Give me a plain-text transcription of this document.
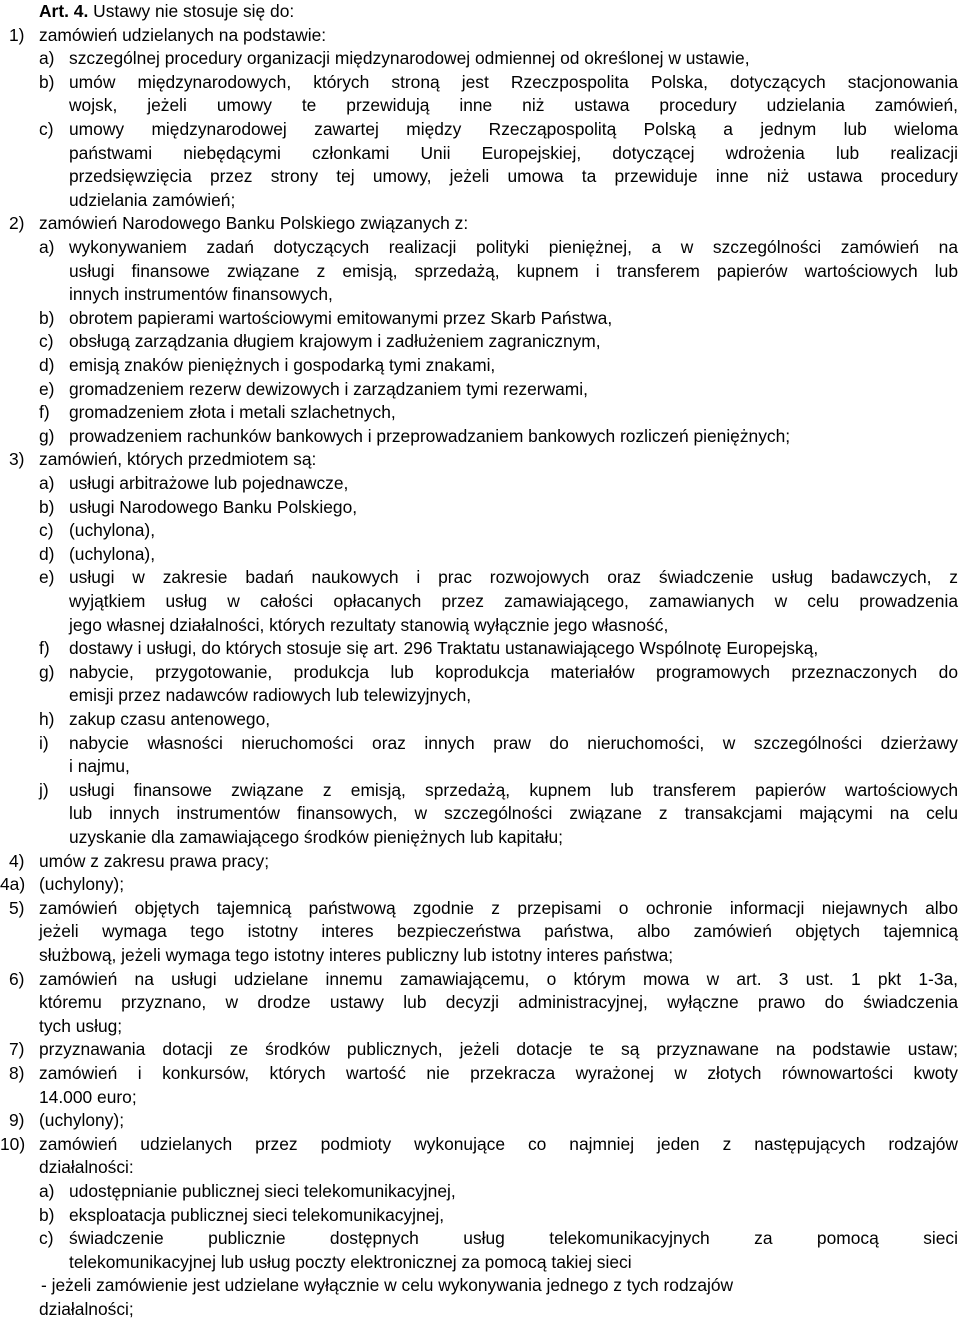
Art. 4. Ustawy nie stosuje się do:
1) zamówień udzielanych na podstawie:
a) szczególnej procedury organizacji międzynarodowej odmiennej od określonej w ustawie,
b) umów międzynarodowych, których stroną jest Rzeczpospolita Polska, dotyczących stacjonowania
wojsk, jeżeli umowy te przewidują inne niż ustawa procedury udzielania zamówień,
c) umowy międzynarodowej zawartej między Rzecząpospolitą Polską a jednym lub wieloma
państwami niebędącymi członkami Unii Europejskiej, dotyczącej wdrożenia lub realizacji
przedsięwzięcia przez strony tej umowy, jeżeli umowa ta przewiduje inne niż ustawa procedury
udzielania zamówień;
2) zamówień Narodowego Banku Polskiego związanych z:
a) wykonywaniem zadań dotyczących realizacji polityki pieniężnej, a w szczególności zamówień na
usługi finansowe związane z emisją, sprzedażą, kupnem i transferem papierów wartościowych lub
innych instrumentów finansowych,
b) obrotem papierami wartościowymi emitowanymi przez Skarb Państwa,
c) obsługą zarządzania długiem krajowym i zadłużeniem zagranicznym,
d) emisją znaków pieniężnych i gospodarką tymi znakami,
e) gromadzeniem rezerw dewizowych i zarządzaniem tymi rezerwami,
f) gromadzeniem złota i metali szlachetnych,
g) prowadzeniem rachunków bankowych i przeprowadzaniem bankowych rozliczeń pieniężnych;
3) zamówień, których przedmiotem są:
a) usługi arbitrażowe lub pojednawcze,
b) usługi Narodowego Banku Polskiego,
c) (uchylona),
d) (uchylona),
e) usługi w zakresie badań naukowych i prac rozwojowych oraz świadczenie usług badawczych, z
wyjątkiem usług w całości opłacanych przez zamawiającego, zamawianych w celu prowadzenia
jego własnej działalności, których rezultaty stanowią wyłącznie jego własność,
f) dostawy i usługi, do których stosuje się art. 296 Traktatu ustanawiającego Wspólnotę Europejską,
g) nabycie, przygotowanie, produkcja lub koprodukcja materiałów programowych przeznaczonych do
emisji przez nadawców radiowych lub telewizyjnych,
h) zakup czasu antenowego,
i) nabycie własności nieruchomości oraz innych praw do nieruchomości, w szczególności dzierżawy
i najmu,
j) usługi finansowe związane z emisją, sprzedażą, kupnem lub transferem papierów wartościowych
lub innych instrumentów finansowych, w szczególności związane z transakcjami mającymi na celu
uzyskanie dla zamawiającego środków pieniężnych lub kapitału;
4) umów z zakresu prawa pracy;
4a) (uchylony);
5) zamówień objętych tajemnicą państwową zgodnie z przepisami o ochronie informacji niejawnych albo
jeżeli wymaga tego istotny interes bezpieczeństwa państwa, albo zamówień objętych tajemnicą
służbową, jeżeli wymaga tego istotny interes publiczny lub istotny interes państwa;
6) zamówień na usługi udzielane innemu zamawiającemu, o którym mowa w art. 3 ust. 1 pkt 1-3a,
któremu przyznano, w drodze ustawy lub decyzji administracyjnej, wyłączne prawo do świadczenia
tych usług;
7) przyznawania dotacji ze środków publicznych, jeżeli dotacje te są przyznawane na podstawie ustaw;
8) zamówień i konkursów, których wartość nie przekracza wyrażonej w złotych równowartości kwoty
14.000 euro;
9) (uchylony);
10) zamówień udzielanych przez podmioty wykonujące co najmniej jeden z następujących rodzajów
działalności:
a) udostępnianie publicznej sieci telekomunikacyjnej,
b) eksploatacja publicznej sieci telekomunikacyjnej,
c) świadczenie publicznie dostępnych usług telekomunikacyjnych za pomocą sieci
telekomunikacyjnej lub usług poczty elektronicznej za pomocą takiej sieci
- jeżeli zamówienie jest udzielane wyłącznie w celu wykonywania jednego z tych rodzajów
działalności;
